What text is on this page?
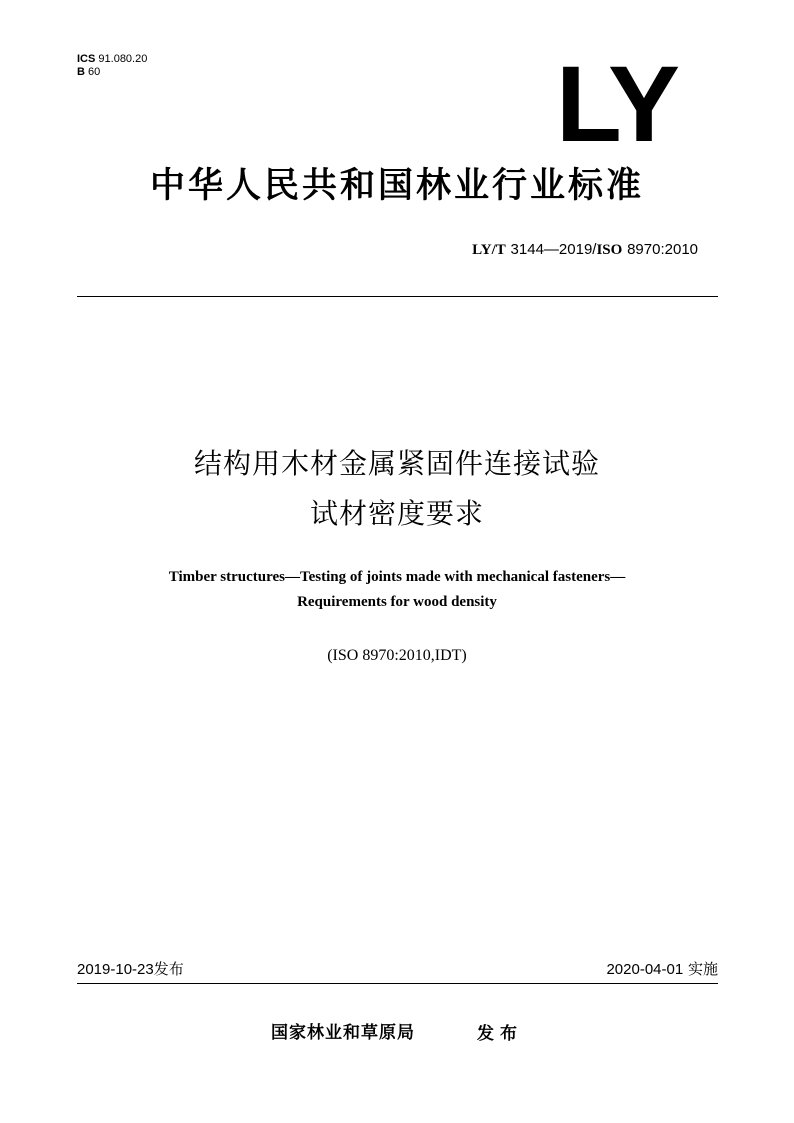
ICS 91.080.20
B 60	LY
中华人民共和国林业行业标准
LY/T 3144—2019/ISO 8970:2010
结构用木材金属紧固件连接试验
试材密度要求
Timber structures—Testing of joints made with mechanical fasteners—
Requirements for wood density
(ISO 8970:2010,IDT)
2019-10-23发布	2020-04-01 实施
国家林业和草原局	发布
